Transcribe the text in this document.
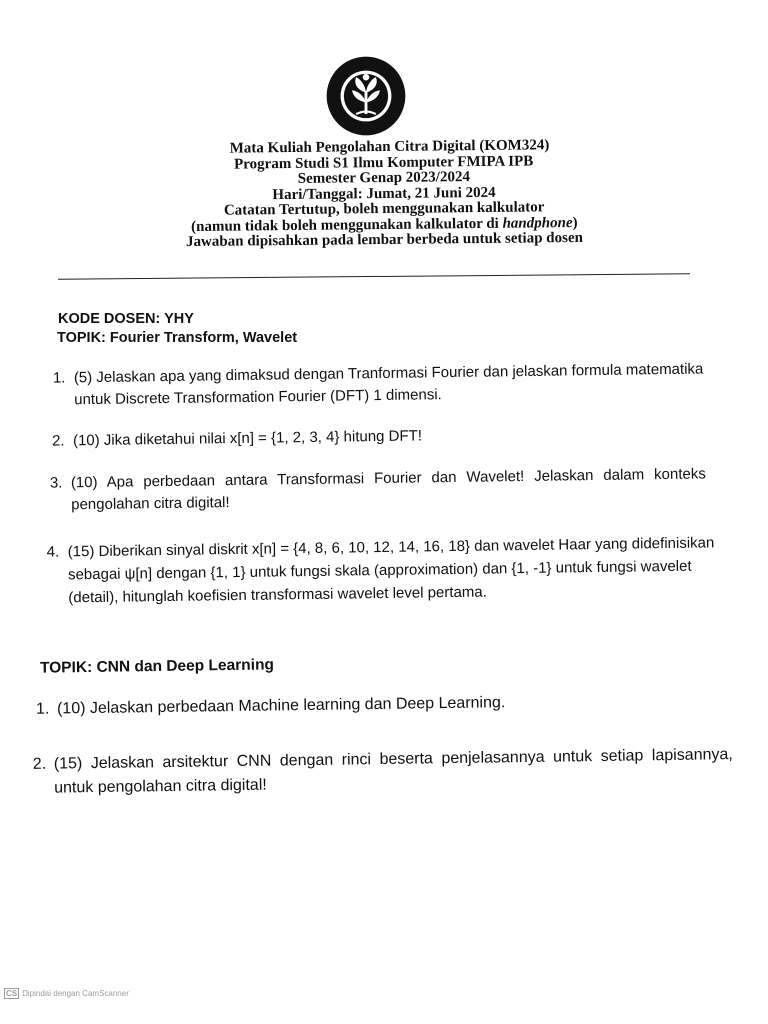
Mata Kuliah Pengolahan Citra Digital (KOM324)
Program Studi S1 Ilmu Komputer FMIPA IPB
Semester Genap 2023/2024
Hari/Tanggal: Jumat, 21 Juni 2024
Catatan Tertutup, boleh menggunakan kalkulator
(namun tidak boleh menggunakan kalkulator di handphone)
Jawaban dipisahkan pada lembar berbeda untuk setiap dosen
KODE DOSEN: YHY
TOPIK: Fourier Transform, Wavelet
1. (5) Jelaskan apa yang dimaksud dengan Tranformasi Fourier dan jelaskan formula matematika untuk Discrete Transformation Fourier (DFT) 1 dimensi.
2. (10) Jika diketahui nilai x[n] = {1, 2, 3, 4} hitung DFT!
3. (10) Apa perbedaan antara Transformasi Fourier dan Wavelet! Jelaskan dalam konteks pengolahan citra digital!
4. (15) Diberikan sinyal diskrit x[n] = {4, 8, 6, 10, 12, 14, 16, 18} dan wavelet Haar yang didefinisikan sebagai ψ[n] dengan {1, 1} untuk fungsi skala (approximation) dan {1, -1} untuk fungsi wavelet (detail), hitunglah koefisien transformasi wavelet level pertama.
TOPIK: CNN dan Deep Learning
1. (10) Jelaskan perbedaan Machine learning dan Deep Learning.
2. (15) Jelaskan arsitektur CNN dengan rinci beserta penjelasannya untuk setiap lapisannya, untuk pengolahan citra digital!
CS Dipindai dengan CamScanner
